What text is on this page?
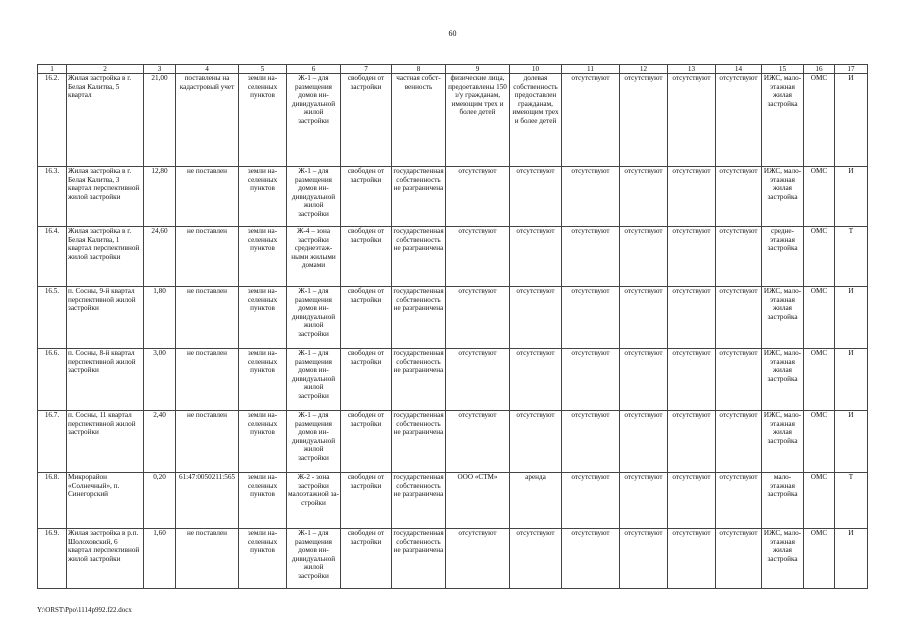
60
1	2	3	4	5	6	7	8	9	10	11	12	13	14	15	16	17
16.2.	Жилая застройка в г. Белая Калитва, 5 квартал	21,00	поставлены на кадастровый учет	земли населенных пунктов	Ж-1 – для размещения домов индивидуальной жилой застройки	свободен от застройки	частная собственность	физические лица, предоетавлены 150 з/у гражданам, имеющим трех и более детей	долевая собственность предоставлен гражданам, имеющим трех и более детей	отсутствуют	отсутствуют	отсутствуют	отсутствуют	ИЖС, малоэтажная жилая застройка	ОМС	И
16.3.	Жилая застройка в г. Белая Калитва, 3 квартал перспективной жилой застройки	12,80	не поставлен	земли населенных пунктов	Ж-1 – для размещения домов индивидуальной жилой застройки	свободен от застройки	государственная собственность не разграничена	отсутствуют	отсутствуют	отсутствуют	отсутствуют	отсутствуют	отсутствуют	ИЖС, малоэтажная жилая застройка	ОМС	И
16.4.	Жилая застройка в г. Белая Калитва, 1 квартал перспективной жилой застройки	24,60	не поставлен	земли населенных пунктов	Ж-4 – зона застройки среднеэтажными жилыми домами	свободен от застройки	государственная собственность не разграничена	отсутствуют	отсутствуют	отсутствуют	отсутствуют	отсутствуют	отсутствуют	среднеэтажная застройка	ОМС	Т
16.5.	п. Сосны, 9-й квартал перспективной жилой застройки	1,80	не поставлен	земли населенных пунктов	Ж-1 – для размещения домов индивидуальной жилой застройки	свободен от застройки	государственная собственность не разграничена	отсутствуют	отсутствуют	отсутствуют	отсутствуют	отсутствуют	отсутствуют	ИЖС, малоэтажная жилая застройка	ОМС	И
16.6.	п. Сосны, 8-й квартал перспективной жилой застройки	3,00	не поставлен	земли населенных пунктов	Ж-1 – для размещения домов индивидуальной жилой застройки	свободен от застройки	государственная собственность не разграничена	отсутствуют	отсутствуют	отсутствуют	отсутствуют	отсутствуют	отсутствуют	ИЖС, малоэтажная жилая застройка	ОМС	И
16.7.	п. Сосны, 11 квартал перспективной жилой застройки	2,40	не поставлен	земли населенных пунктов	Ж-1 – для размещения домов индивидуальной жилой застройки	свободен от застройки	государственная собственность не разграничена	отсутствуют	отсутствуют	отсутствуют	отсутствуют	отсутствуют	отсутствуют	ИЖС, малоэтажная жилая застройка	ОМС	И
16.8.	Микрорайон «Солнечный», п. Синегорский	0,20	61:47:0050211:565	земли населенных пунктов	Ж-2 - зона застройки малоэтажной застройки	свободен от застройки	государственная собственность не разграничена	ООО «СТМ»	аренда	отсутствуют	отсутствуют	отсутствуют	отсутствуют	малоэтажная застройка	ОМС	Т
16.9.	Жилая застройка в р.п. Шолоховский, 6 квартал перспективной жилой застройки	1,60	не поставлен	земли населенных пунктов	Ж-1 – для размещения домов индивидуальной жилой застройки	свободен от застройки	государственная собственность не разграничена	отсутствуют	отсутствуют	отсутствуют	отсутствуют	отсутствуют	отсутствуют	ИЖС, малоэтажная жилая застройка	ОМС	И
Y:\ORST\Ppo\1114p992.f22.docx
